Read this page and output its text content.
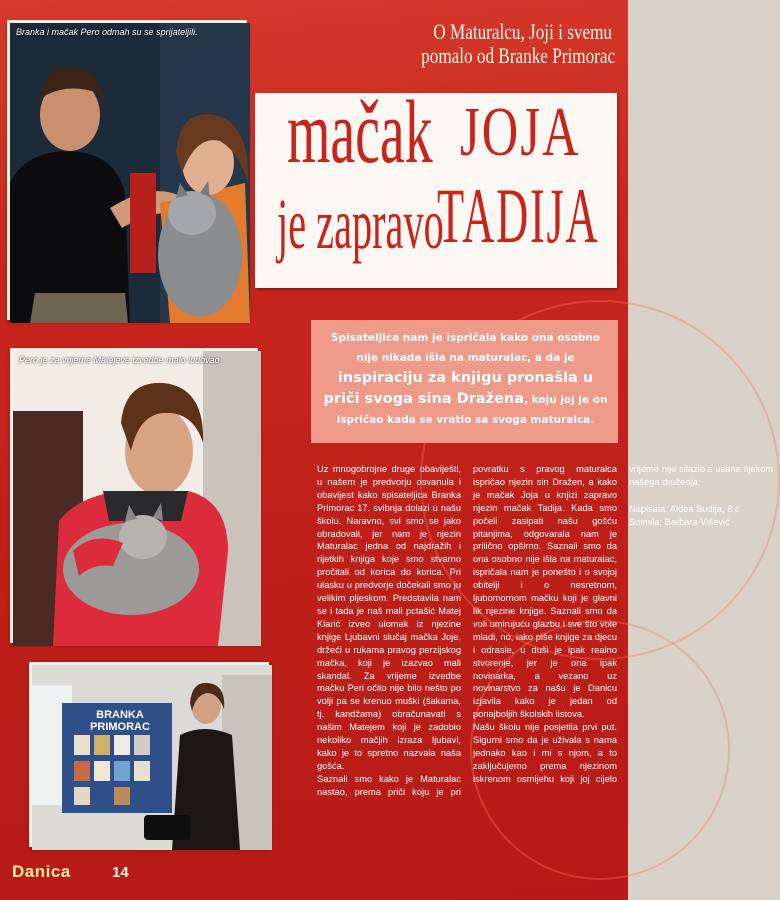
Branka i mačak Pero odmah su se sprijateljili.
Pero je za vrijeme Matejeve izvedbe malo ludovao
BRANKA
PRIMORAC
O Maturalcu, Joji i svemu
pomalo od Branke Primorac
mačak JOJA
je zapravo
TADIJA

Spisateljica nam je ispričala kako ona osobno nije nikada išla na maturalac, a da je inspiraciju za knjigu pronašla u priči svoga sina Dražena, koju joj je on ispričao kada se vratio sa svoga maturalca.

Uz mnogobrojne druge obaviješti, u našem je predvorju osvanula i obavijest kako spisateljica Branka Primorac 17. svibnja dolazi u našu školu. Naravno, svi smo se jako obradovali, jer nam je njezin Maturalac jedna od najdražih i rijetkih knjiga koje smo stvarno pročitali od korica do korica. Pri ulasku u predvorje dočekali smo ju velikim pljeskom. Predstavila nam se i tada je naš mali pctašić Matej Klarić izveo ulomak iz njezine knjige Ljubavni slučaj mačka Joje, držeći u rukama pravog perzijskog mačka, koji je izazvao mali skandal. Za vrijeme izvedbe mačku Peri očito nije bilo nešto po volji pa se krenuo muški (šakama, tj. kandžama) obračunavati s našim Matejem koji je zadobio nekoliko mačjih izraza ljubavi, kako je to spretno nazvala naša gošća.

Saznali smo kako je Maturalac nastao, prema priči koju je pri povratku s pravog maturalca ispričao njezin sin Dražen, a kako je mačak Joja u knjizi zapravo njezin mačak Tadija. Kada smo počeli zasipati našu gošću pitanjima, odgovarala nam je prilično opširno. Saznali smo da ona osobno nije išla na maturalac, ispričala nam je ponešto i o svojoj obitelji i o nesretnom, ljubomornom mačku koji je glavni lik njezine knjige. Saznali smo da voli umirujuću glazbu i sve što vole mladi, no, iako piše knjige za djecu i odrasle, u duši je ipak realno stvorenje, jer je ona ipak novinarka, a vezano uz novinarstvo za našu je Danicu izjavila kako je jedan od ponajboljih školskih listova.

Našu školu nije posjetila prvi put. Sigurni smo da je uživala s nama jednako kao i mi s njom, a to zaključujemo prema njezinom iskrenom osmijehu koji joj cijelo vrijeme nije silazio s usana tijekom našega druženja.

Napisala: Aldea Budija, 8.c

Snimila: Barbara Višević

Danica	14
